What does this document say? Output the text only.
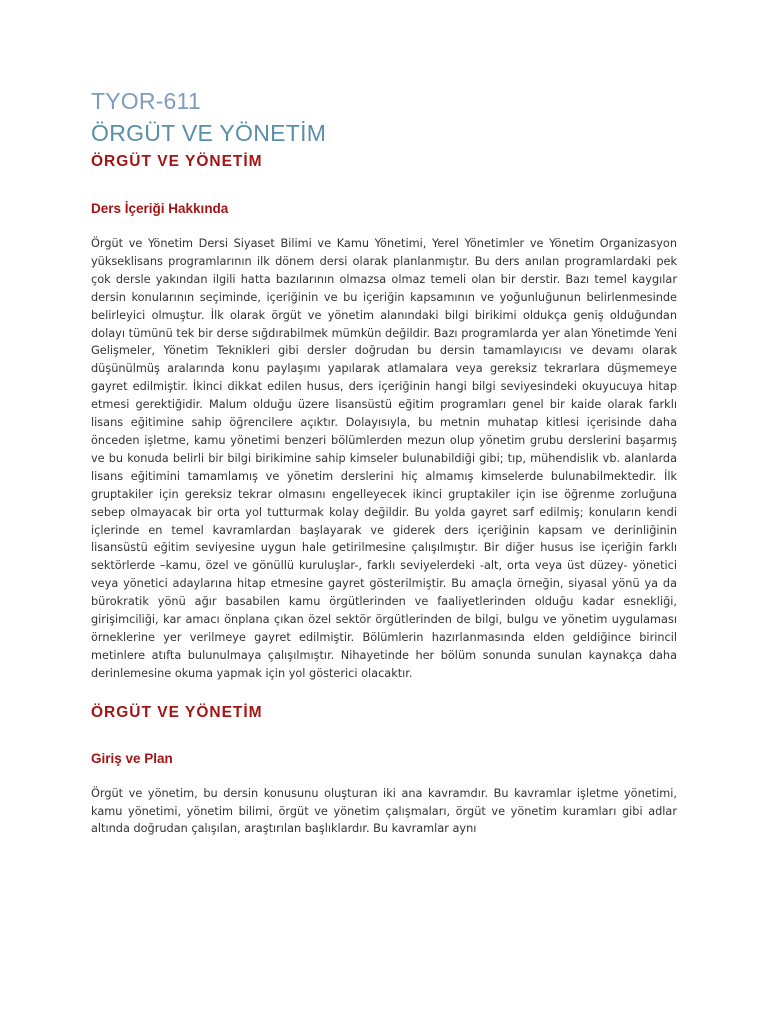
TYOR-611
ÖRGÜT VE YÖNETİM
ÖRGÜT VE YÖNETİM
Ders İçeriği Hakkında

Örgüt ve Yönetim Dersi Siyaset Bilimi ve Kamu Yönetimi, Yerel Yönetimler ve Yönetim Organizasyon yükseklisans programlarının ilk dönem dersi olarak planlanmıştır. Bu ders anılan programlardaki pek çok dersle yakından ilgili hatta bazılarının olmazsa olmaz temeli olan bir derstir. Bazı temel kaygılar dersin konularının seçiminde, içeriğinin ve bu içeriğin kapsamının ve yoğunluğunun belirlenmesinde belirleyici olmuştur. İlk olarak örgüt ve yönetim alanındaki bilgi birikimi oldukça geniş olduğundan dolayı tümünü tek bir derse sığdırabilmek mümkün değildir. Bazı programlarda yer alan Yönetimde Yeni Gelişmeler, Yönetim Teknikleri gibi dersler doğrudan bu dersin tamamlayıcısı ve devamı olarak düşünülmüş aralarında konu paylaşımı yapılarak atlamalara veya gereksiz tekrarlara düşmemeye gayret edilmiştir. İkinci dikkat edilen husus, ders içeriğinin hangi bilgi seviyesindeki okuyucuya hitap etmesi gerektiğidir. Malum olduğu üzere lisansüstü eğitim programları genel bir kaide olarak farklı lisans eğitimine sahip öğrencilere açıktır. Dolayısıyla, bu metnin muhatap kitlesi içerisinde daha önceden işletme, kamu yönetimi benzeri bölümlerden mezun olup yönetim grubu derslerini başarmış ve bu konuda belirli bir bilgi birikimine sahip kimseler bulunabildiği gibi; tıp, mühendislik vb. alanlarda lisans eğitimini tamamlamış ve yönetim derslerini hiç almamış kimselerde bulunabilmektedir. İlk gruptakiler için gereksiz tekrar olmasını engelleyecek ikinci gruptakiler için ise öğrenme zorluğuna sebep olmayacak bir orta yol tutturmak kolay değildir. Bu yolda gayret sarf edilmiş; konuların kendi içlerinde en temel kavramlardan başlayarak ve giderek ders içeriğinin kapsam ve derinliğinin lisansüstü eğitim seviyesine uygun hale getirilmesine çalışılmıştır. Bir diğer husus ise içeriğin farklı sektörlerde –kamu, özel ve gönüllü kuruluşlar-, farklı seviyelerdeki -alt, orta veya üst düzey- yönetici veya yönetici adaylarına hitap etmesine gayret gösterilmiştir. Bu amaçla örneğin, siyasal yönü ya da bürokratik yönü ağır basabilen kamu örgütlerinden ve faaliyetlerinden olduğu kadar esnekliği, girişimciliği, kar amacı önplana çıkan özel sektör örgütlerinden de bilgi, bulgu ve yönetim uygulaması örneklerine yer verilmeye gayret edilmiştir. Bölümlerin hazırlanmasında elden geldiğince birincil metinlere atıfta bulunulmaya çalışılmıştır. Nihayetinde her bölüm sonunda sunulan kaynakça daha derinlemesine okuma yapmak için yol gösterici olacaktır.

ÖRGÜT VE YÖNETİM
Giriş ve Plan

Örgüt ve yönetim, bu dersin konusunu oluşturan iki ana kavramdır. Bu kavramlar işletme yönetimi, kamu yönetimi, yönetim bilimi, örgüt ve yönetim çalışmaları, örgüt ve yönetim kuramları gibi adlar altında doğrudan çalışılan, araştırılan başlıklardır. Bu kavramlar aynı
